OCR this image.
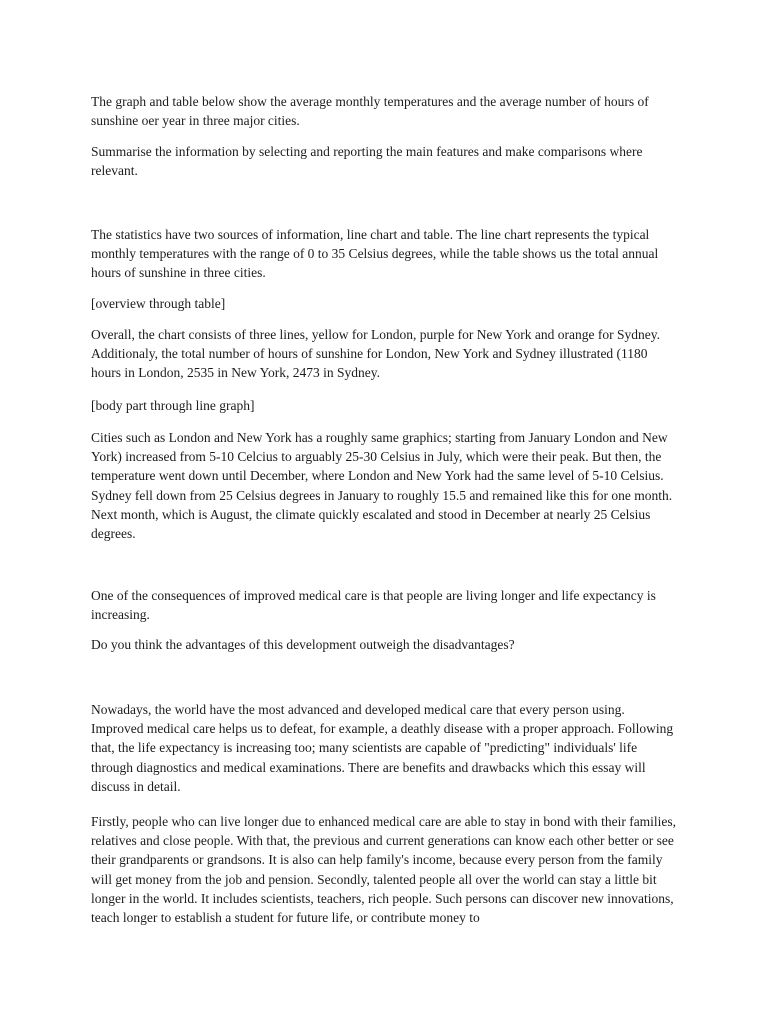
The graph and table below show the average monthly temperatures and the average number of hours of sunshine oer year in three major cities.

Summarise the information by selecting and reporting the main features and make comparisons where relevant.

The statistics have two sources of information, line chart and table. The line chart represents the typical monthly temperatures with the range of 0 to 35 Celsius degrees, while the table shows us the total annual hours of sunshine in three cities.

[overview through table]

Overall, the chart consists of three lines, yellow for London, purple for New York and orange for Sydney. Additionaly, the total number of hours of sunshine for London, New York and Sydney illustrated (1180 hours in London, 2535 in New York, 2473 in Sydney.

[body part through line graph]

Cities such as London and New York has a roughly same graphics; starting from January London and New York) increased from 5-10 Celcius to arguably 25-30 Celsius in July, which were their peak. But then, the temperature went down until December, where London and New York had the same level of 5-10 Celsius. Sydney fell down from 25 Celsius degrees in January to roughly 15.5 and remained like this for one month. Next month, which is August, the climate quickly escalated and stood in December at nearly 25 Celsius degrees.

One of the consequences of improved medical care is that people are living longer and life expectancy is increasing.

Do you think the advantages of this development outweigh the disadvantages?

Nowadays, the world have the most advanced and developed medical care that every person using. Improved medical care helps us to defeat, for example, a deathly disease with a proper approach. Following that, the life expectancy is increasing too; many scientists are capable of "predicting" individuals' life through diagnostics and medical examinations. There are benefits and drawbacks which this essay will discuss in detail.

Firstly, people who can live longer due to enhanced medical care are able to stay in bond with their families, relatives and close people. With that, the previous and current generations can know each other better or see their grandparents or grandsons. It is also can help family's income, because every person from the family will get money from the job and pension. Secondly, talented people all over the world can stay a little bit longer in the world. It includes scientists, teachers, rich people. Such persons can discover new innovations, teach longer to establish a student for future life, or contribute money to
